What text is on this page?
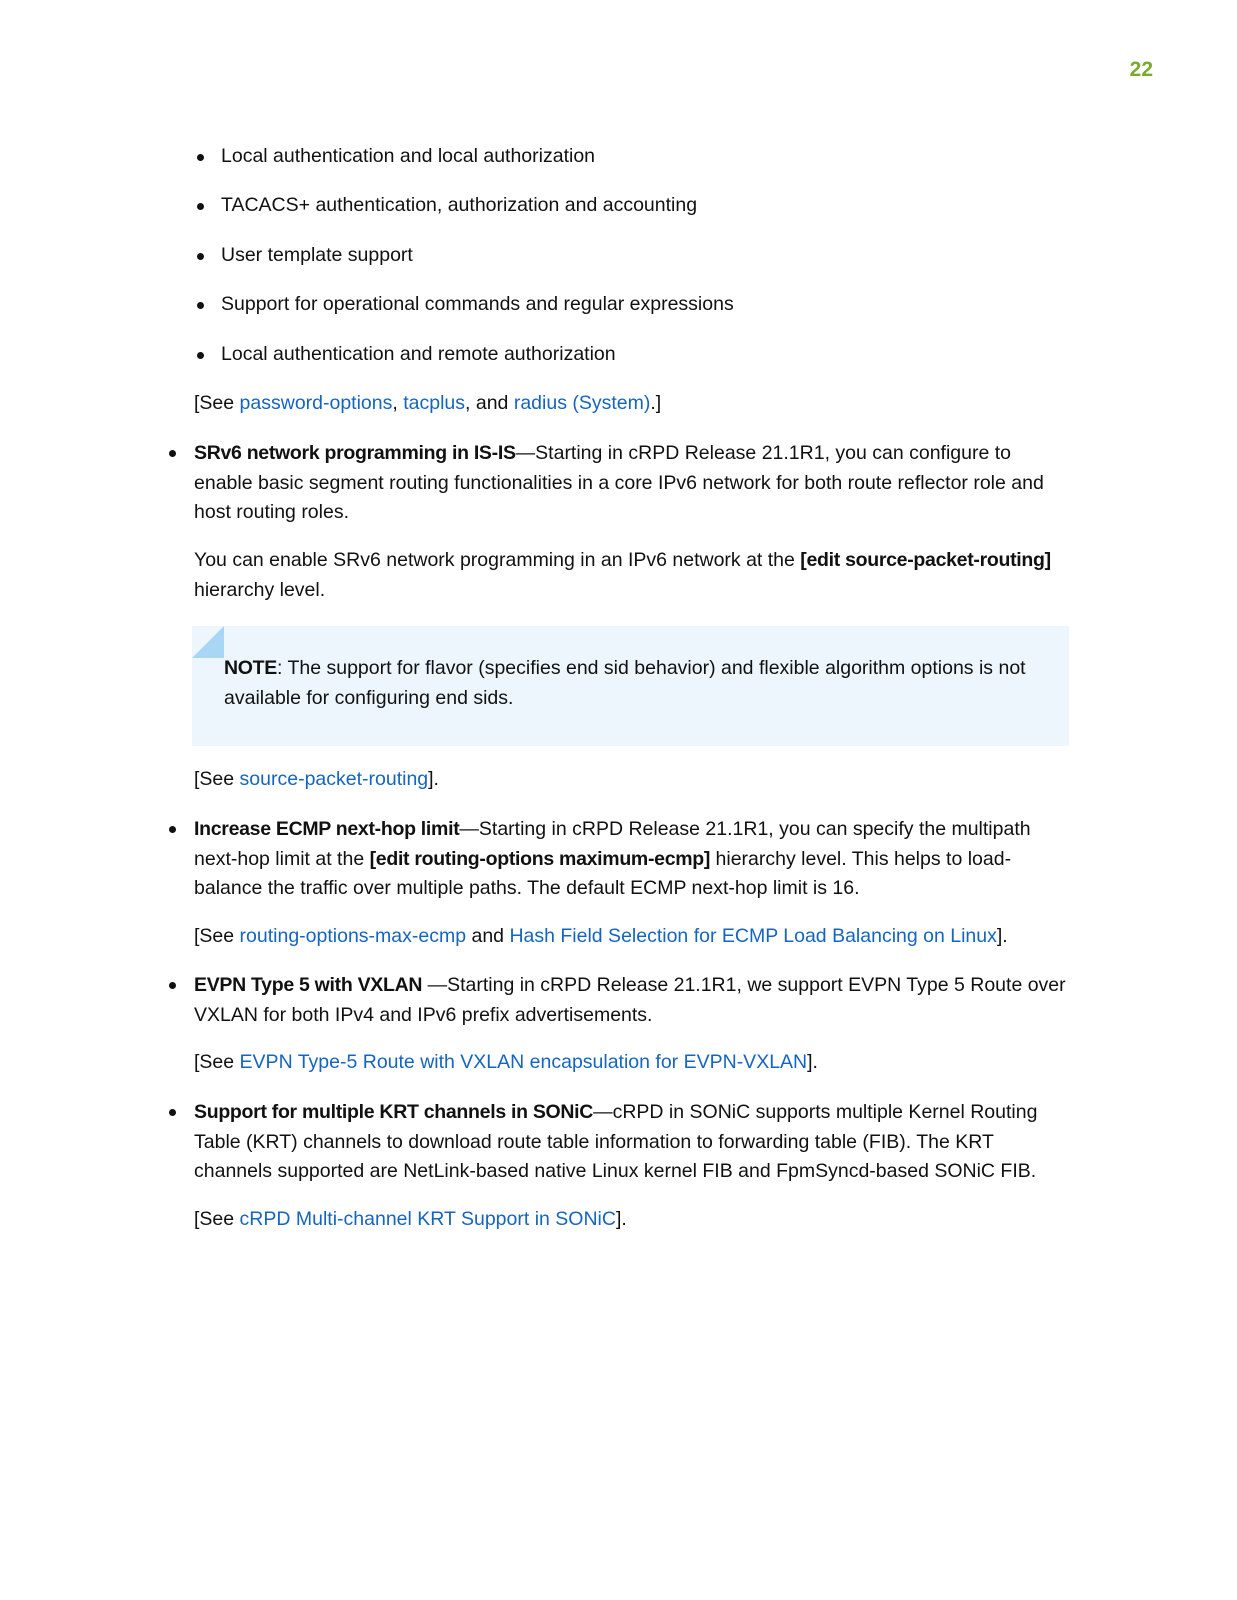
22
Local authentication and local authorization
TACACS+ authentication, authorization and accounting
User template support
Support for operational commands and regular expressions
Local authentication and remote authorization
[See password-options, tacplus, and radius (System).]
SRv6 network programming in IS-IS—Starting in cRPD Release 21.1R1, you can configure to enable basic segment routing functionalities in a core IPv6 network for both route reflector role and host routing roles.
You can enable SRv6 network programming in an IPv6 network at the [edit source-packet-routing] hierarchy level.
NOTE: The support for flavor (specifies end sid behavior) and flexible algorithm options is not available for configuring end sids.
[See source-packet-routing].
Increase ECMP next-hop limit—Starting in cRPD Release 21.1R1, you can specify the multipath next-hop limit at the [edit routing-options maximum-ecmp] hierarchy level. This helps to load-balance the traffic over multiple paths. The default ECMP next-hop limit is 16.
[See routing-options-max-ecmp and Hash Field Selection for ECMP Load Balancing on Linux].
EVPN Type 5 with VXLAN —Starting in cRPD Release 21.1R1, we support EVPN Type 5 Route over VXLAN for both IPv4 and IPv6 prefix advertisements.
[See EVPN Type-5 Route with VXLAN encapsulation for EVPN-VXLAN].
Support for multiple KRT channels in SONiC—cRPD in SONiC supports multiple Kernel Routing Table (KRT) channels to download route table information to forwarding table (FIB). The KRT channels supported are NetLink-based native Linux kernel FIB and FpmSyncd-based SONiC FIB.
[See cRPD Multi-channel KRT Support in SONiC].
